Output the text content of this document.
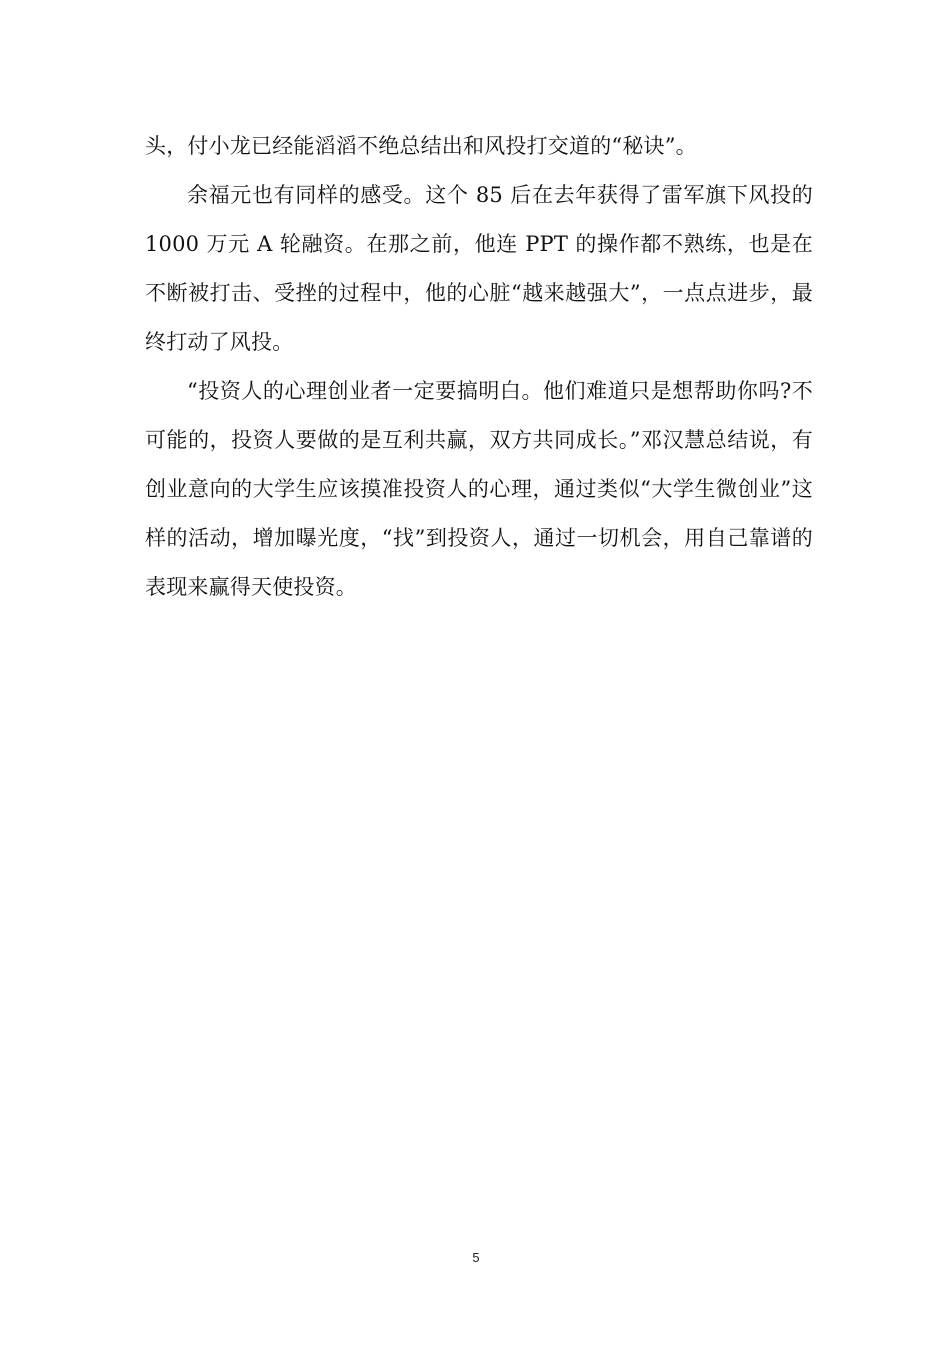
头，付小龙已经能滔滔不绝总结出和风投打交道的“秘诀”。

余福元也有同样的感受。这个 85 后在去年获得了雷军旗下风投的 1000 万元 A 轮融资。在那之前，他连 PPT 的操作都不熟练，也是在不断被打击、受挫的过程中，他的心脏“越来越强大”，一点点进步，最终打动了风投。

“投资人的心理创业者一定要搞明白。他们难道只是想帮助你吗?不可能的，投资人要做的是互利共赢，双方共同成长。”邓汉慧总结说，有创业意向的大学生应该摸准投资人的心理，通过类似“大学生微创业”这样的活动，增加曝光度，“找”到投资人，通过一切机会，用自己靠谱的表现来赢得天使投资。

5
